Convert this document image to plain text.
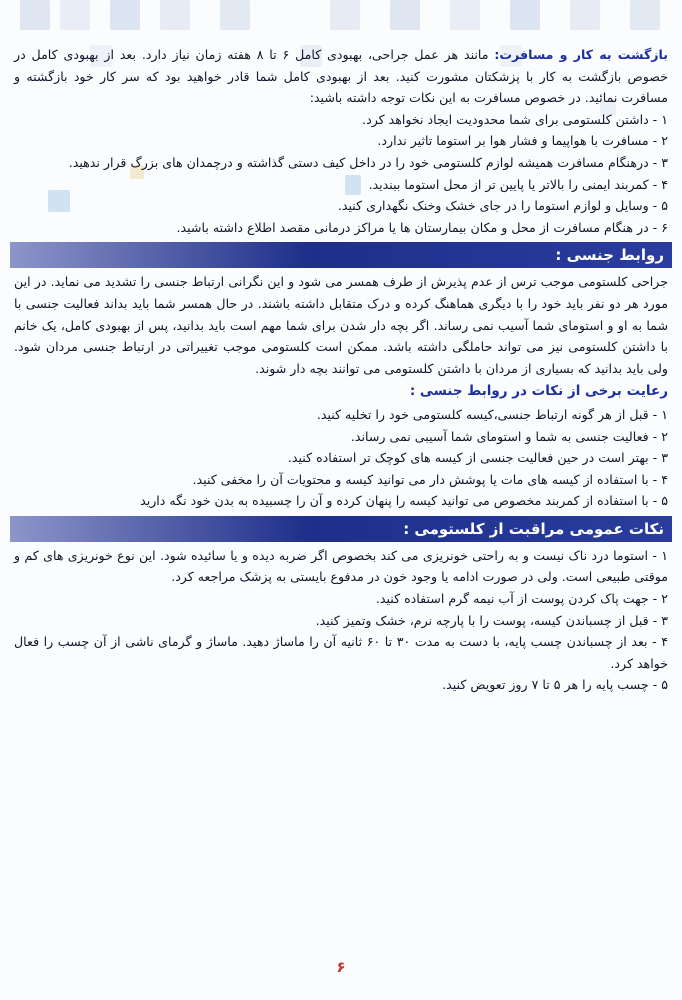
بازگشت به کار و مسافرت: مانند هر عمل جراحی، بهبودی کامل ۶ تا ۸ هفته زمان نیاز دارد. بعد از بهبودی کامل در خصوص بازگشت به کار با پزشکتان مشورت کنید. بعد از بهبودی کامل شما قادر خواهید بود که سر کار خود بازگشته و مسافرت نمائید. در خصوص مسافرت به این نکات توجه داشته باشید:

۱ - داشتن کلستومی برای شما محدودیت ایجاد نخواهد کرد.

۲ - مسافرت با هواپیما و فشار هوا بر استوما تاثیر ندارد.

۳ - درهنگام مسافرت همیشه لوازم کلستومی خود را در داخل کیف دستی گذاشته و درچمدان های بزرگ قرار ندهید.

۴ - کمربند ایمنی را بالاتر یا پایین تر از محل استوما ببندید.

۵ - وسایل و لوازم استوما را در جای خشک وخنک نگهداری کنید.

۶ - در هنگام مسافرت از محل و مکان بیمارستان ها یا مراکز درمانی مقصد اطلاع داشته باشید.

روابط جنسی :

جراحی کلستومی موجب ترس از عدم پذیرش از طرف همسر می شود و این نگرانی ارتباط جنسی را تشدید می نماید. در این مورد هر دو نفر باید خود را با دیگری هماهنگ کرده و درک متقابل داشته باشند. در حال همسر شما باید بداند فعالیت جنسی با شما به او و استومای شما آسیب نمی رساند. اگر بچه دار شدن برای شما مهم است باید بدانید، پس از بهبودی کامل، یک خانم با داشتن کلستومی نیز می تواند حاملگی داشته باشد. ممکن است کلستومی موجب تغییراتی در ارتباط جنسی مردان شود. ولی باید بدانید که بسیاری از مردان با داشتن کلستومی می توانند بچه دار شوند.

رعایت برخی از نکات در روابط جنسی :

۱ - قبل از هر گونه ارتباط جنسی،کیسه کلستومی خود را تخلیه کنید.

۲ - فعالیت جنسی به شما و استومای شما آسیبی نمی رساند.

۳ - بهتر است در حین فعالیت جنسی از کیسه های کوچک تر استفاده کنید.

۴ - با استفاده از کیسه های مات یا پوشش دار می توانید کیسه و محتویات آن را مخفی کنید.

۵ - با استفاده از کمربند مخصوص می توانید کیسه را پنهان کرده و آن را چسبیده به بدن خود نگه دارید

نکات عمومی مراقبت از کلستومی :

۱ - استوما درد ناک نیست و به راحتی خونریزی می کند بخصوص اگر ضربه دیده و یا سائیده شود. این نوع خونریزی های کم و موقتی طبیعی است. ولی در صورت ادامه یا وجود خون در مدفوع بایستی به پزشک مراجعه کرد.

۲ - جهت پاک کردن پوست از آب نیمه گرم استفاده کنید.

۳ - قبل از چسباندن کیسه، پوست را با پارچه نرم، خشک وتمیز کنید.

۴ - بعد از چسباندن چسب پایه، با دست به مدت ۳۰ تا ۶۰ ثانیه آن را ماساژ دهید. ماساژ و گرمای ناشی از آن چسب را فعال خواهد کرد.

۵ - چسب پایه را هر ۵ تا ۷ روز تعویض کنید.

۶
